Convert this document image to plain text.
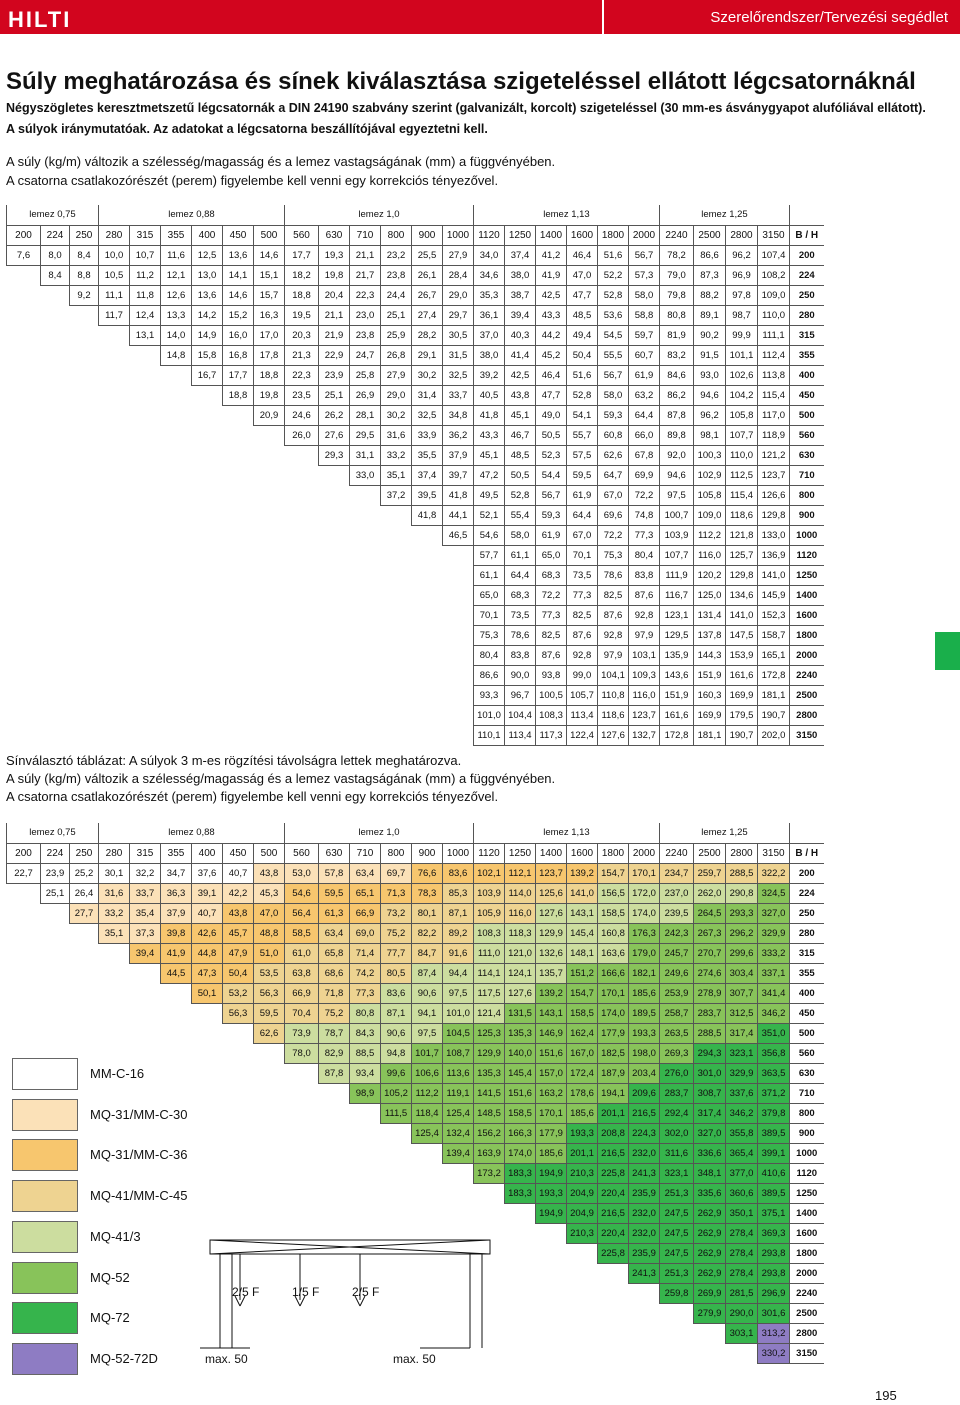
HILTI	Szerelőrendszer/Tervezési segédlet
Súly meghatározása és sínek kiválasztása szigeteléssel ellátott légcsatornáknál
Négyszögletes keresztmetszetű légcsatornák a DIN 24190 szabvány szerint (galvanizált, korcolt) szigeteléssel (30 mm-es ásványgyapot alufóliával ellátott). A súlyok iránymutatóak. Az adatokat a légcsatorna beszállítójával egyeztetni kell.
A súly (kg/m) változik a szélesség/magasság és a lemez vastagságának (mm) a függvényében.
A csatorna csatlakozórészét (perem) figyelembe kell venni egy korrekciós tényezővel.
lemez 0,75			lemez 0,88						lemez 1,0						lemez 1,13						lemez 1,25				
200	224	250	280	315	355	400	450	500	560	630	710	800	900	1000	1120	1250	1400	1600	1800	2000	2240	2500	2800	3150	B / H
7,6	8,0	8,4	10,0	10,7	11,6	12,5	13,6	14,6	17,7	19,3	21,1	23,2	25,5	27,9	34,0	37,4	41,2	46,4	51,6	56,7	78,2	86,6	96,2	107,4	200
	8,4	8,8	10,5	11,2	12,1	13,0	14,1	15,1	18,2	19,8	21,7	23,8	26,1	28,4	34,6	38,0	41,9	47,0	52,2	57,3	79,0	87,3	96,9	108,2	224
		9,2	11,1	11,8	12,6	13,6	14,6	15,7	18,8	20,4	22,3	24,4	26,7	29,0	35,3	38,7	42,5	47,7	52,8	58,0	79,8	88,2	97,8	109,0	250
			11,7	12,4	13,3	14,2	15,2	16,3	19,5	21,1	23,0	25,1	27,4	29,7	36,1	39,4	43,3	48,5	53,6	58,8	80,8	89,1	98,7	110,0	280
				13,1	14,0	14,9	16,0	17,0	20,3	21,9	23,8	25,9	28,2	30,5	37,0	40,3	44,2	49,4	54,5	59,7	81,9	90,2	99,9	111,1	315
					14,8	15,8	16,8	17,8	21,3	22,9	24,7	26,8	29,1	31,5	38,0	41,4	45,2	50,4	55,5	60,7	83,2	91,5	101,1	112,4	355
						16,7	17,7	18,8	22,3	23,9	25,8	27,9	30,2	32,5	39,2	42,5	46,4	51,6	56,7	61,9	84,6	93,0	102,6	113,8	400
							18,8	19,8	23,5	25,1	26,9	29,0	31,4	33,7	40,5	43,8	47,7	52,8	58,0	63,2	86,2	94,6	104,2	115,4	450
								20,9	24,6	26,2	28,1	30,2	32,5	34,8	41,8	45,1	49,0	54,1	59,3	64,4	87,8	96,2	105,8	117,0	500
									26,0	27,6	29,5	31,6	33,9	36,2	43,3	46,7	50,5	55,7	60,8	66,0	89,8	98,1	107,7	118,9	560
										29,3	31,1	33,2	35,5	37,9	45,1	48,5	52,3	57,5	62,6	67,8	92,0	100,3	110,0	121,2	630
											33,0	35,1	37,4	39,7	47,2	50,5	54,4	59,5	64,7	69,9	94,6	102,9	112,5	123,7	710
												37,2	39,5	41,8	49,5	52,8	56,7	61,9	67,0	72,2	97,5	105,8	115,4	126,6	800
													41,8	44,1	52,1	55,4	59,3	64,4	69,6	74,8	100,7	109,0	118,6	129,8	900
														46,5	54,6	58,0	61,9	67,0	72,2	77,3	103,9	112,2	121,8	133,0	1000
															57,7	61,1	65,0	70,1	75,3	80,4	107,7	116,0	125,7	136,9	1120
															61,1	64,4	68,3	73,5	78,6	83,8	111,9	120,2	129,8	141,0	1250
															65,0	68,3	72,2	77,3	82,5	87,6	116,7	125,0	134,6	145,9	1400
															70,1	73,5	77,3	82,5	87,6	92,8	123,1	131,4	141,0	152,3	1600
															75,3	78,6	82,5	87,6	92,8	97,9	129,5	137,8	147,5	158,7	1800
															80,4	83,8	87,6	92,8	97,9	103,1	135,9	144,3	153,9	165,1	2000
															86,6	90,0	93,8	99,0	104,1	109,3	143,6	151,9	161,6	172,8	2240
															93,3	96,7	100,5	105,7	110,8	116,0	151,9	160,3	169,9	181,1	2500
															101,0	104,4	108,3	113,4	118,6	123,7	161,6	169,9	179,5	190,7	2800
															110,1	113,4	117,3	122,4	127,6	132,7	172,8	181,1	190,7	202,0	3150
Sínválasztó táblázat: A súlyok 3 m-es rögzítési távolságra lettek meghatározva.
A súly (kg/m) változik a szélesség/magasság és a lemez vastagságának (mm) a függvényében.
A csatorna csatlakozórészét (perem) figyelembe kell venni egy korrekciós tényezővel.
lemez 0,75			lemez 0,88						lemez 1,0						lemez 1,13						lemez 1,25				
200	224	250	280	315	355	400	450	500	560	630	710	800	900	1000	1120	1250	1400	1600	1800	2000	2240	2500	2800	3150	B / H
22,7	23,9	25,2	30,1	32,2	34,7	37,6	40,7	43,8	53,0	57,8	63,4	69,7	76,6	83,6	102,1	112,1	123,7	139,2	154,7	170,1	234,7	259,7	288,5	322,2	200
	25,1	26,4	31,6	33,7	36,3	39,1	42,2	45,3	54,6	59,5	65,1	71,3	78,3	85,3	103,9	114,0	125,6	141,0	156,5	172,0	237,0	262,0	290,8	324,5	224
		27,7	33,2	35,4	37,9	40,7	43,8	47,0	56,4	61,3	66,9	73,2	80,1	87,1	105,9	116,0	127,6	143,1	158,5	174,0	239,5	264,5	293,3	327,0	250
			35,1	37,3	39,8	42,6	45,7	48,8	58,5	63,4	69,0	75,2	82,2	89,2	108,3	118,3	129,9	145,4	160,8	176,3	242,3	267,3	296,2	329,9	280
				39,4	41,9	44,8	47,9	51,0	61,0	65,8	71,4	77,7	84,7	91,6	111,0	121,0	132,6	148,1	163,6	179,0	245,7	270,7	299,6	333,2	315
					44,5	47,3	50,4	53,5	63,8	68,6	74,2	80,5	87,4	94,4	114,1	124,1	135,7	151,2	166,6	182,1	249,6	274,6	303,4	337,1	355
						50,1	53,2	56,3	66,9	71,8	77,3	83,6	90,6	97,5	117,5	127,6	139,2	154,7	170,1	185,6	253,9	278,9	307,7	341,4	400
							56,3	59,5	70,4	75,2	80,8	87,1	94,1	101,0	121,4	131,5	143,1	158,5	174,0	189,5	258,7	283,7	312,5	346,2	450
								62,6	73,9	78,7	84,3	90,6	97,5	104,5	125,3	135,3	146,9	162,4	177,9	193,3	263,5	288,5	317,4	351,0	500
									78,0	82,9	88,5	94,8	101,7	108,7	129,9	140,0	151,6	167,0	182,5	198,0	269,3	294,3	323,1	356,8	560
										87,8	93,4	99,6	106,6	113,6	135,3	145,4	157,0	172,4	187,9	203,4	276,0	301,0	329,9	363,5	630
											98,9	105,2	112,2	119,1	141,5	151,6	163,2	178,6	194,1	209,6	283,7	308,7	337,6	371,2	710
												111,5	118,4	125,4	148,5	158,5	170,1	185,6	201,1	216,5	292,4	317,4	346,2	379,8	800
													125,4	132,4	156,2	166,3	177,9	193,3	208,8	224,3	302,0	327,0	355,8	389,5	900
														139,4	163,9	174,0	185,6	201,1	216,5	232,0	311,6	336,6	365,4	399,1	1000
															173,2	183,3	194,9	210,3	225,8	241,3	323,1	348,1	377,0	410,6	1120
																183,3	193,3	204,9	220,4	235,9	251,3	335,6	360,6	389,5	1250
																	194,9	204,9	216,5	232,0	247,5	262,9	350,1	375,1	1400
																		210,3	220,4	232,0	247,5	262,9	278,4	369,3	1600
																			225,8	235,9	247,5	262,9	278,4	293,8	1800
																				241,3	251,3	262,9	278,4	293,8	2000
																					259,8	269,9	281,5	296,9	2240
																						279,9	290,0	301,6	2500
																							303,1	313,2	2800
																								330,2	3150
MM-C-16
MQ-31/MM-C-30
MQ-31/MM-C-36
MQ-41/MM-C-45
MQ-41/3
MQ-52
MQ-72
MQ-52-72D
2/5 F	1/5 F	2/5 F
max. 50	max. 50
195
